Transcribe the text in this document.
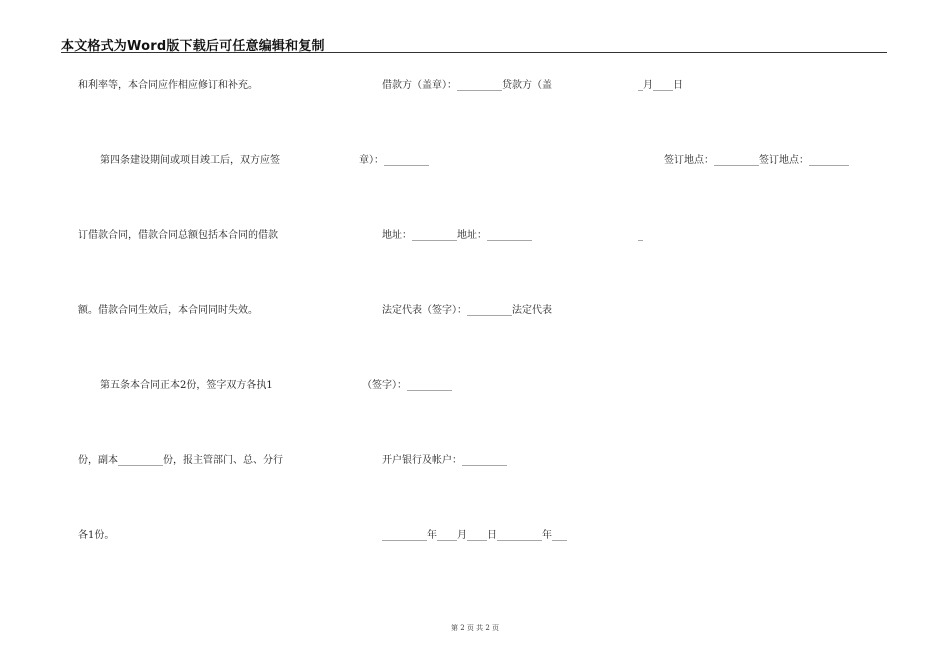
本文格式为Word版下载后可任意编辑和复制
和利率等，本合同应作相应修订和补充。
第四条建设期间或项目竣工后，双方应签
订借款合同，借款合同总额包括本合同的借款
额。借款合同生效后，本合同同时失效。
第五条本合同正本2份，签字双方各执1
份，副本_________份，报主管部门、总、分行
各1份。
借款方（盖章）：_________贷款方（盖
章）：_________
地址：_________地址：_________
法定代表（签字）：_________法定代表
（签字）：_________
开户银行及帐户：_________
_________年____月____日_________年___
_月____日
签订地点：_________签订地点：________
_
第 2 页 共 2 页
